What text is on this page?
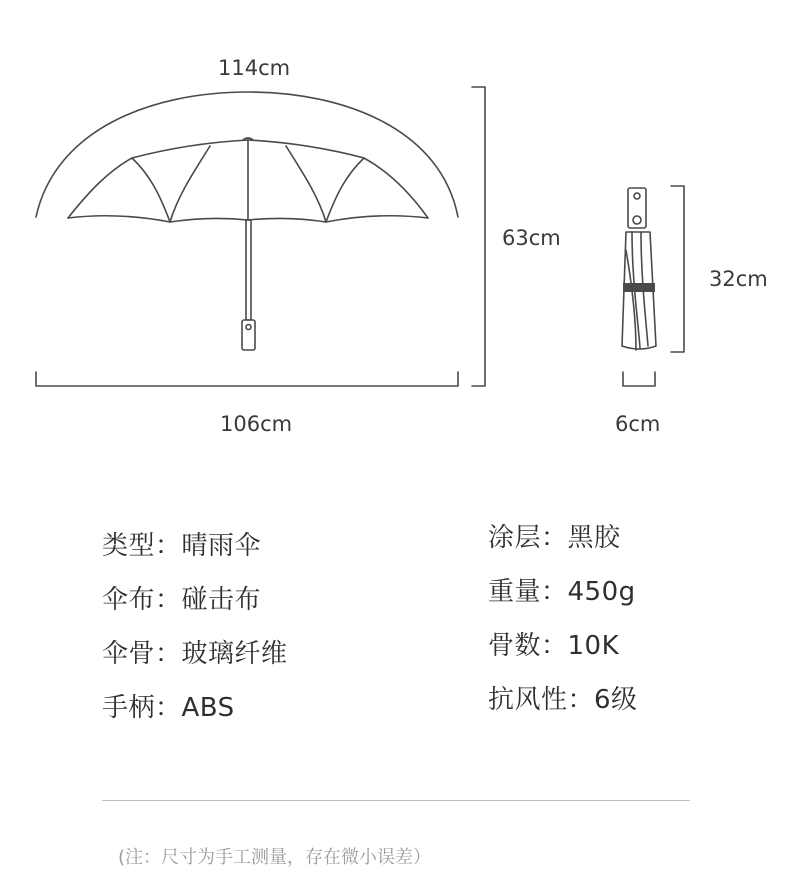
114cm
63cm
106cm
32cm
6cm
类型：晴雨伞
伞布：碰击布
伞骨：玻璃纤维
手柄：ABS
涂层：黑胶
重量：450g
骨数：10K
抗风性：6级
(注：尺寸为手工测量，存在微小误差）
